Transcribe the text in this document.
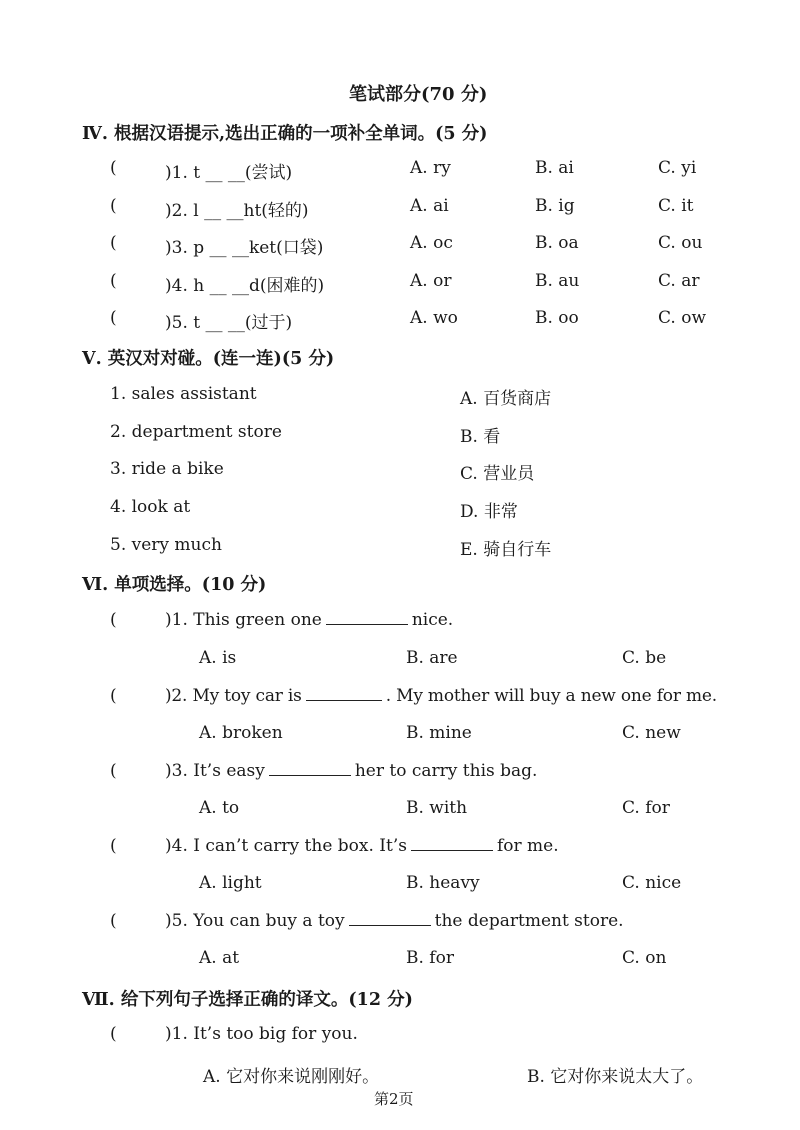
笔试部分(70 分)
Ⅳ. 根据汉语提示,选出正确的一项补全单词。(5 分)
(	)1. t __ __(尝试)	A. ry	B. ai	C. yi
(	)2. l __ __ht(轻的)	A. ai	B. ig	C. it
(	)3. p __ __ket(口袋)	A. oc	B. oa	C. ou
(	)4. h __ __d(困难的)	A. or	B. au	C. ar
(	)5. t __ __(过于)	A. wo	B. oo	C. ow
Ⅴ. 英汉对对碰。(连一连)(5 分)
1. sales assistant
2. department store
3. ride a bike
4. look at
5. very much
A. 百货商店
B. 看
C. 营业员
D. 非常
E. 骑自行车
Ⅵ. 单项选择。(10 分)
(	)1. This green one	nice.
A. is	B. are	C. be
(	)2. My toy car is	. My mother will buy a new one for me.
A. broken	B. mine	C. new
(	)3. It’s easy	her to carry this bag.
A. to	B. with	C. for
(	)4. I can’t carry the box. It’s	for me.
A. light	B. heavy	C. nice
(	)5. You can buy a toy	the department store.
A. at	B. for	C. on
Ⅶ. 给下列句子选择正确的译文。(12 分)
(	)1. It’s too big for you.
A. 它对你来说刚刚好。	B. 它对你来说太大了。
第2页
